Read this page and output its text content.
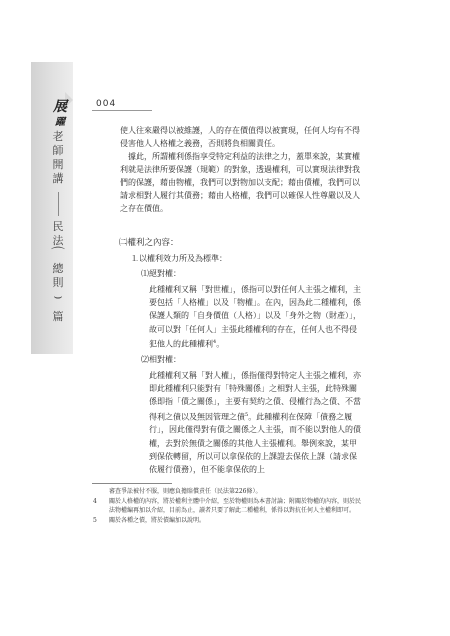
展
躍
004
老
師
開
講
民
法
⌒
總
則
⌣
篇

使人往來嚴得以被維護，人的存在價值得以被實現，任何人均有不得侵害他人人格權之義務，否則將負相關責任。

據此，所謂權利係指享受特定利益的法律之力，蓋單來說，某實權利就是法律所要保護（規範）的對象，透過權利，可以實現法律對我們的保護，藉由物權，我們可以對物加以支配；藉由債權，我們可以請求相對人履行其債務；藉由人格權，我們可以確保人性尊嚴以及人之存在價值。

㈡權利之內容：
⒈以權利效力所及為標準：
⑴絕對權：

此種權利又稱「對世權」，係指可以對任何人主張之權利，主要包括「人格權」以及「物權」。在內，因為此二種權利，係保護人類的「自身價值（人格）」以及「身外之物（財產）」，故可以對「任何人」主張此種權利的存在，任何人也不得侵犯他人的此種權利$^4$。

⑵相對權：

此種權利又稱「對人權」，係指僅得對特定人主張之權利，亦即此種權利只能對有「特殊關係」之相對人主張，此特殊關係即指「債之關係」，主要有契約之債、侵權行為之債、不當得利之債以及無因管理之債$^5$。此種權利在保障「債務之履行」，因此僅得對有債之關係之人主張，而不能以對他人的債權，去對於無債之關係的其他人主張權利。舉例來說，某甲到保依轉留，所以可以拿保依的上課證去保依上課（請求保依履行債務），但不能拿保依的上

審查爭訟被付不服，則應負擔賠償責任（民法第226條）。

4	關於人格權的內容，將於權利主體中介紹，至於物權則為本書討論；附關於物權的內容，則於民法物權編再加以介紹，目前為止，讀者只要了解此二種權利，係得以對抗任何人主權利即可。

5	關於各種之債，將於債編加以說明。
